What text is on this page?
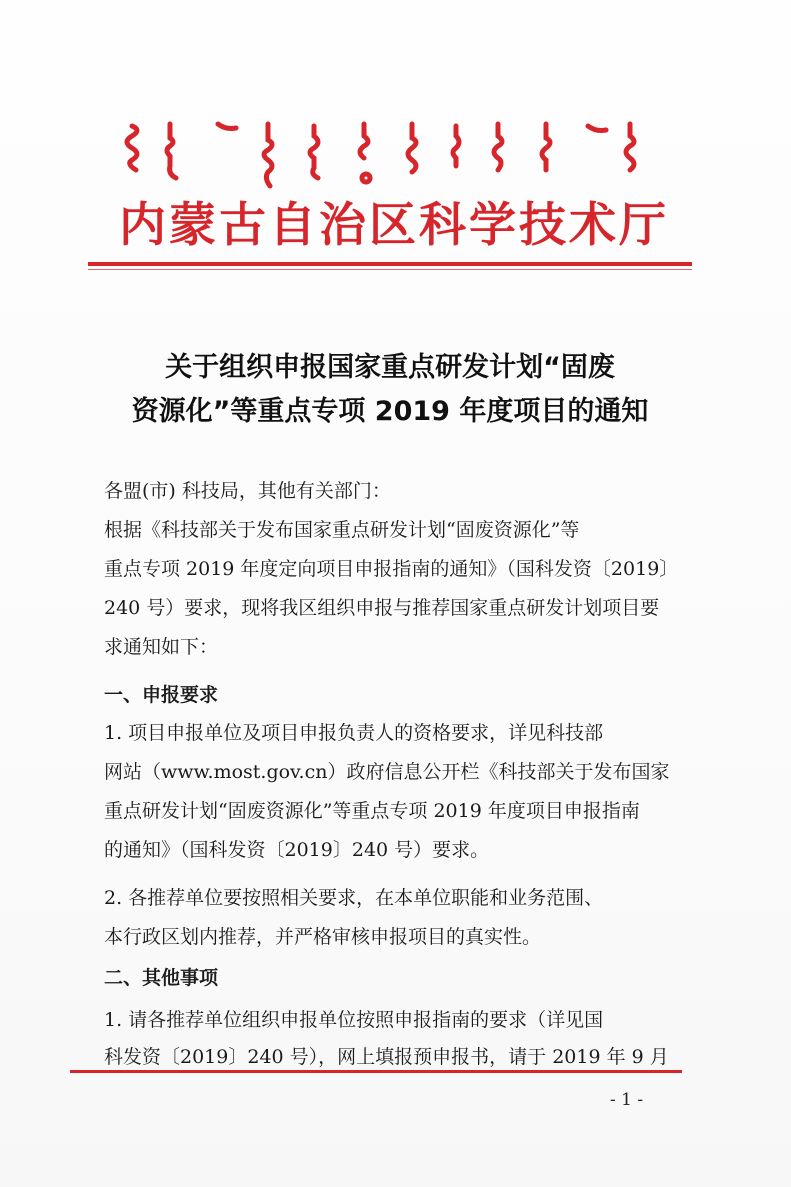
内蒙古自治区科学技术厅
关于组织申报国家重点研发计划“固废
资源化”等重点专项 2019 年度项目的通知
各盟(市) 科技局，其他有关部门：
根据《科技部关于发布国家重点研发计划“固废资源化”等
重点专项 2019 年度定向项目申报指南的通知》（国科发资〔2019〕
240 号）要求，现将我区组织申报与推荐国家重点研发计划项目要
求通知如下：
一、申报要求
1. 项目申报单位及项目申报负责人的资格要求，详见科技部
网站（www.most.gov.cn）政府信息公开栏《科技部关于发布国家
重点研发计划“固废资源化”等重点专项 2019 年度项目申报指南
的通知》（国科发资〔2019〕240 号）要求。
2. 各推荐单位要按照相关要求，在本单位职能和业务范围、
本行政区划内推荐，并严格审核申报项目的真实性。
二、其他事项
1. 请各推荐单位组织申报单位按照申报指南的要求（详见国
科发资〔2019〕240 号），网上填报预申报书，请于 2019 年 9 月
- 1 -
